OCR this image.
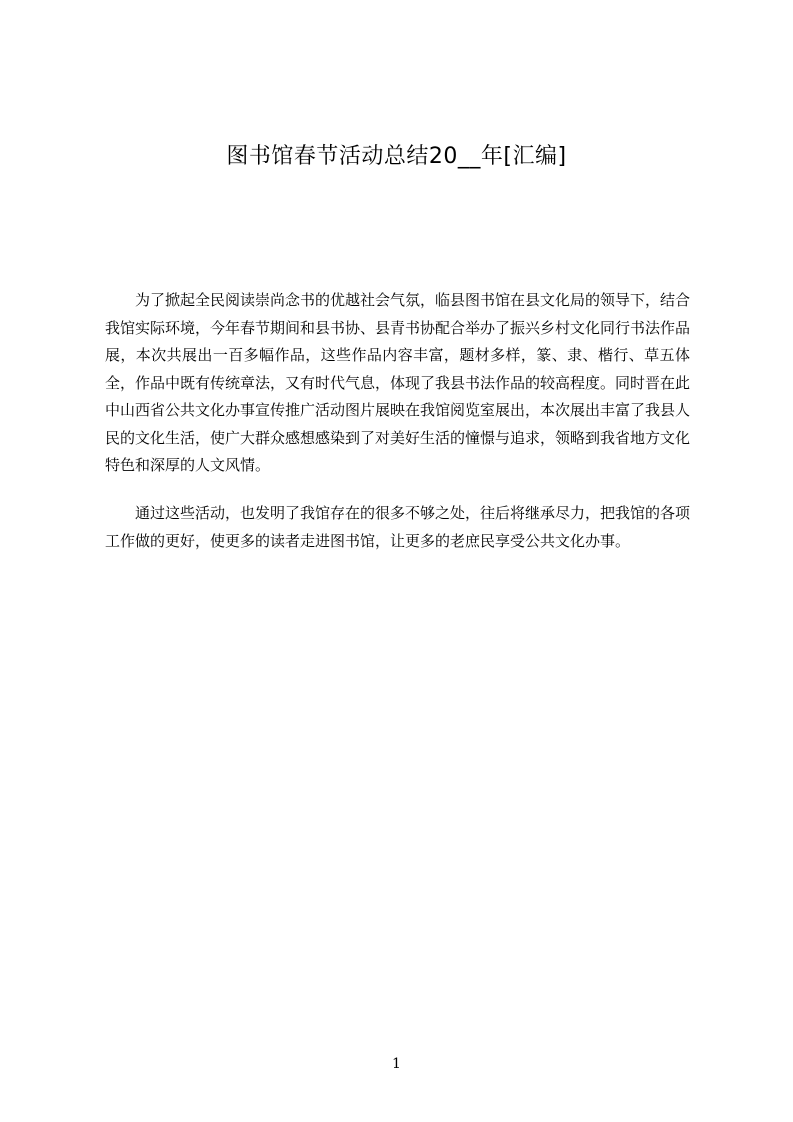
图书馆春节活动总结20__年[汇编]

为了掀起全民阅读崇尚念书的优越社会气氛，临县图书馆在县文化局的领导下，结合我馆实际环境，今年春节期间和县书协、县青书协配合举办了振兴乡村文化同行书法作品展，本次共展出一百多幅作品，这些作品内容丰富，题材多样，篆、隶、楷行、草五体全，作品中既有传统章法，又有时代气息，体现了我县书法作品的较高程度。同时晋在此中山西省公共文化办事宣传推广活动图片展映在我馆阅览室展出，本次展出丰富了我县人民的文化生活，使广大群众感想感染到了对美好生活的憧憬与追求，领略到我省地方文化特色和深厚的人文风情。

通过这些活动，也发明了我馆存在的很多不够之处，往后将继承尽力，把我馆的各项工作做的更好，使更多的读者走进图书馆，让更多的老庶民享受公共文化办事。

1
